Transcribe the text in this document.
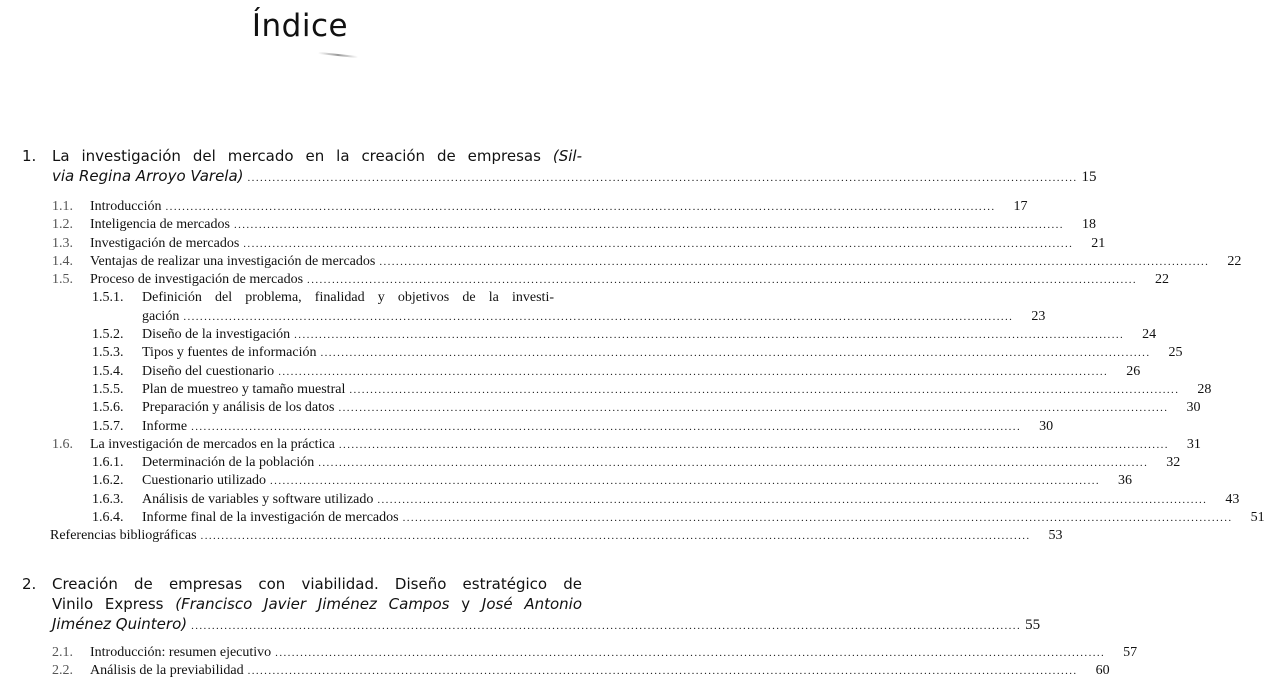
Índice
1. La investigación del mercado en la creación de empresas (Sil-
via Regina Arroyo Varela) .....	15
1.1.	Introducción .....	17
1.2.	Inteligencia de mercados .....	18
1.3.	Investigación de mercados .....	21
1.4.	Ventajas de realizar una investigación de mercados .....	22
1.5.	Proceso de investigación de mercados .....	22
1.5.1.	Definición del problema, finalidad y objetivos de la investi-
gación .....	23
1.5.2.	Diseño de la investigación .....	24
1.5.3.	Tipos y fuentes de información .....	25
1.5.4.	Diseño del cuestionario .....	26
1.5.5.	Plan de muestreo y tamaño muestral .....	28
1.5.6.	Preparación y análisis de los datos .....	30
1.5.7.	Informe .....	30
1.6.	La investigación de mercados en la práctica .....	31
1.6.1.	Determinación de la población .....	32
1.6.2.	Cuestionario utilizado .....	36
1.6.3.	Análisis de variables y software utilizado .....	43
1.6.4.	Informe final de la investigación de mercados .....	51
Referencias bibliográficas .....	53
2. Creación de empresas con viabilidad. Diseño estratégico de
Vinilo Express (Francisco Javier Jiménez Campos y José Antonio
Jiménez Quintero) .....	55
2.1.	Introducción: resumen ejecutivo .....	57
2.2.	Análisis de la previabilidad .....	60
